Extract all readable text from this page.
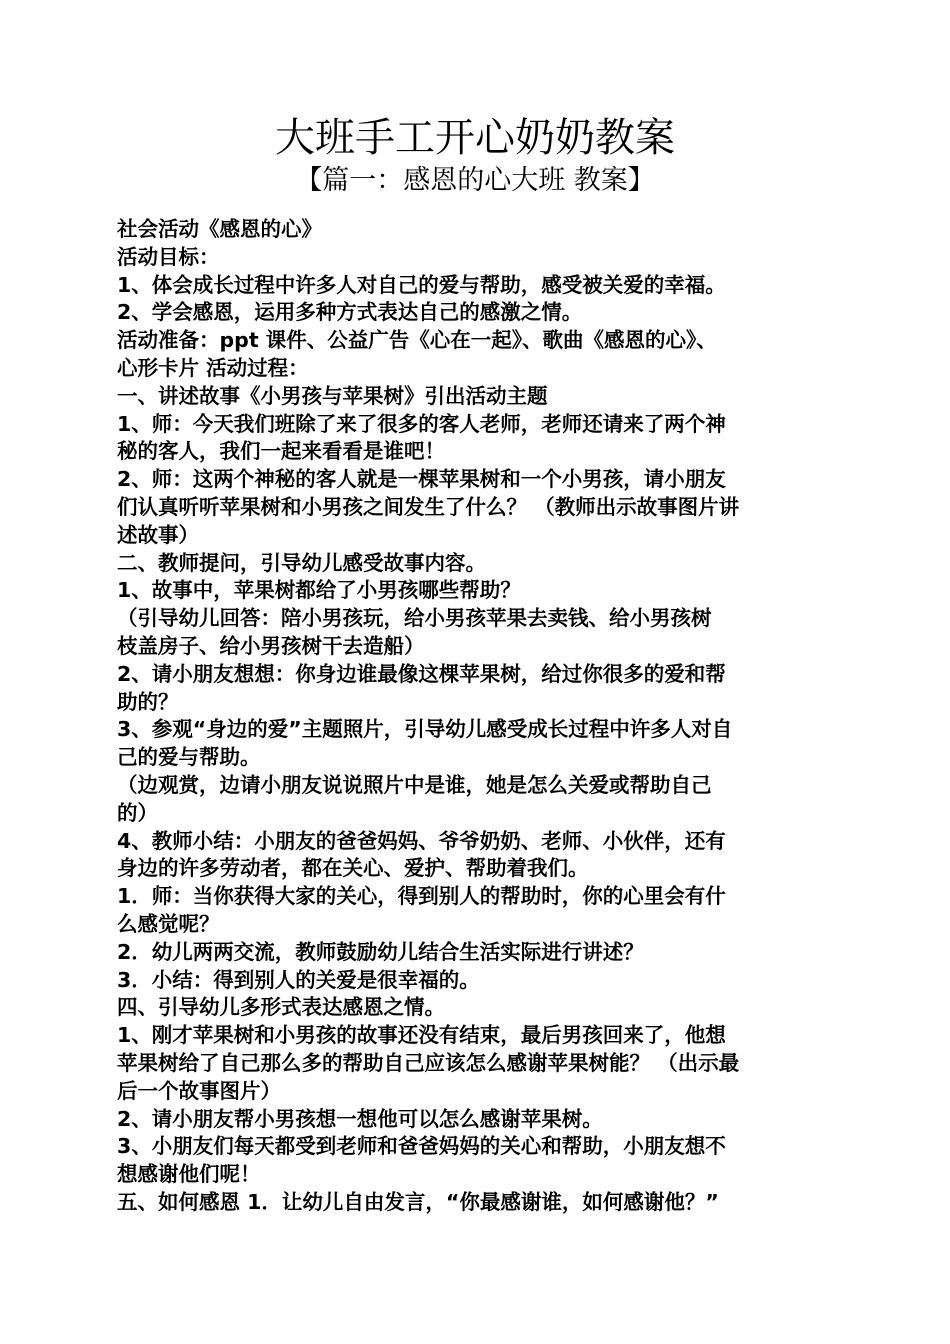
大班手工开心奶奶教案
【篇一：感恩的心大班 教案】
社会活动《感恩的心》
活动目标：
1、体会成长过程中许多人对自己的爱与帮助，感受被关爱的幸福。
2、学会感恩，运用多种方式表达自己的感激之情。
活动准备：ppt 课件、公益广告《心在一起》、歌曲《感恩的心》、
心形卡片 活动过程：
一、讲述故事《小男孩与苹果树》引出活动主题
1、师：今天我们班除了来了很多的客人老师，老师还请来了两个神
秘的客人，我们一起来看看是谁吧！
2、师：这两个神秘的客人就是一棵苹果树和一个小男孩，请小朋友
们认真听听苹果树和小男孩之间发生了什么？ （教师出示故事图片讲
述故事）
二、教师提问，引导幼儿感受故事内容。
1、故事中，苹果树都给了小男孩哪些帮助？
（引导幼儿回答：陪小男孩玩，给小男孩苹果去卖钱、给小男孩树
枝盖房子、给小男孩树干去造船）
2、请小朋友想想：你身边谁最像这棵苹果树，给过你很多的爱和帮
助的？
3、参观“身边的爱”主题照片，引导幼儿感受成长过程中许多人对自
己的爱与帮助。
（边观赏，边请小朋友说说照片中是谁，她是怎么关爱或帮助自己
的）
4、教师小结：小朋友的爸爸妈妈、爷爷奶奶、老师、小伙伴，还有
身边的许多劳动者，都在关心、爱护、帮助着我们。
1．师：当你获得大家的关心，得到别人的帮助时，你的心里会有什
么感觉呢？
2．幼儿两两交流，教师鼓励幼儿结合生活实际进行讲述？
3．小结：得到别人的关爱是很幸福的。
四、引导幼儿多形式表达感恩之情。
1、刚才苹果树和小男孩的故事还没有结束，最后男孩回来了，他想
苹果树给了自己那么多的帮助自己应该怎么感谢苹果树能？ （出示最
后一个故事图片）
2、请小朋友帮小男孩想一想他可以怎么感谢苹果树。
3、小朋友们每天都受到老师和爸爸妈妈的关心和帮助，小朋友想不
想感谢他们呢！
五、如何感恩 1．让幼儿自由发言，“你最感谢谁，如何感谢他？”
